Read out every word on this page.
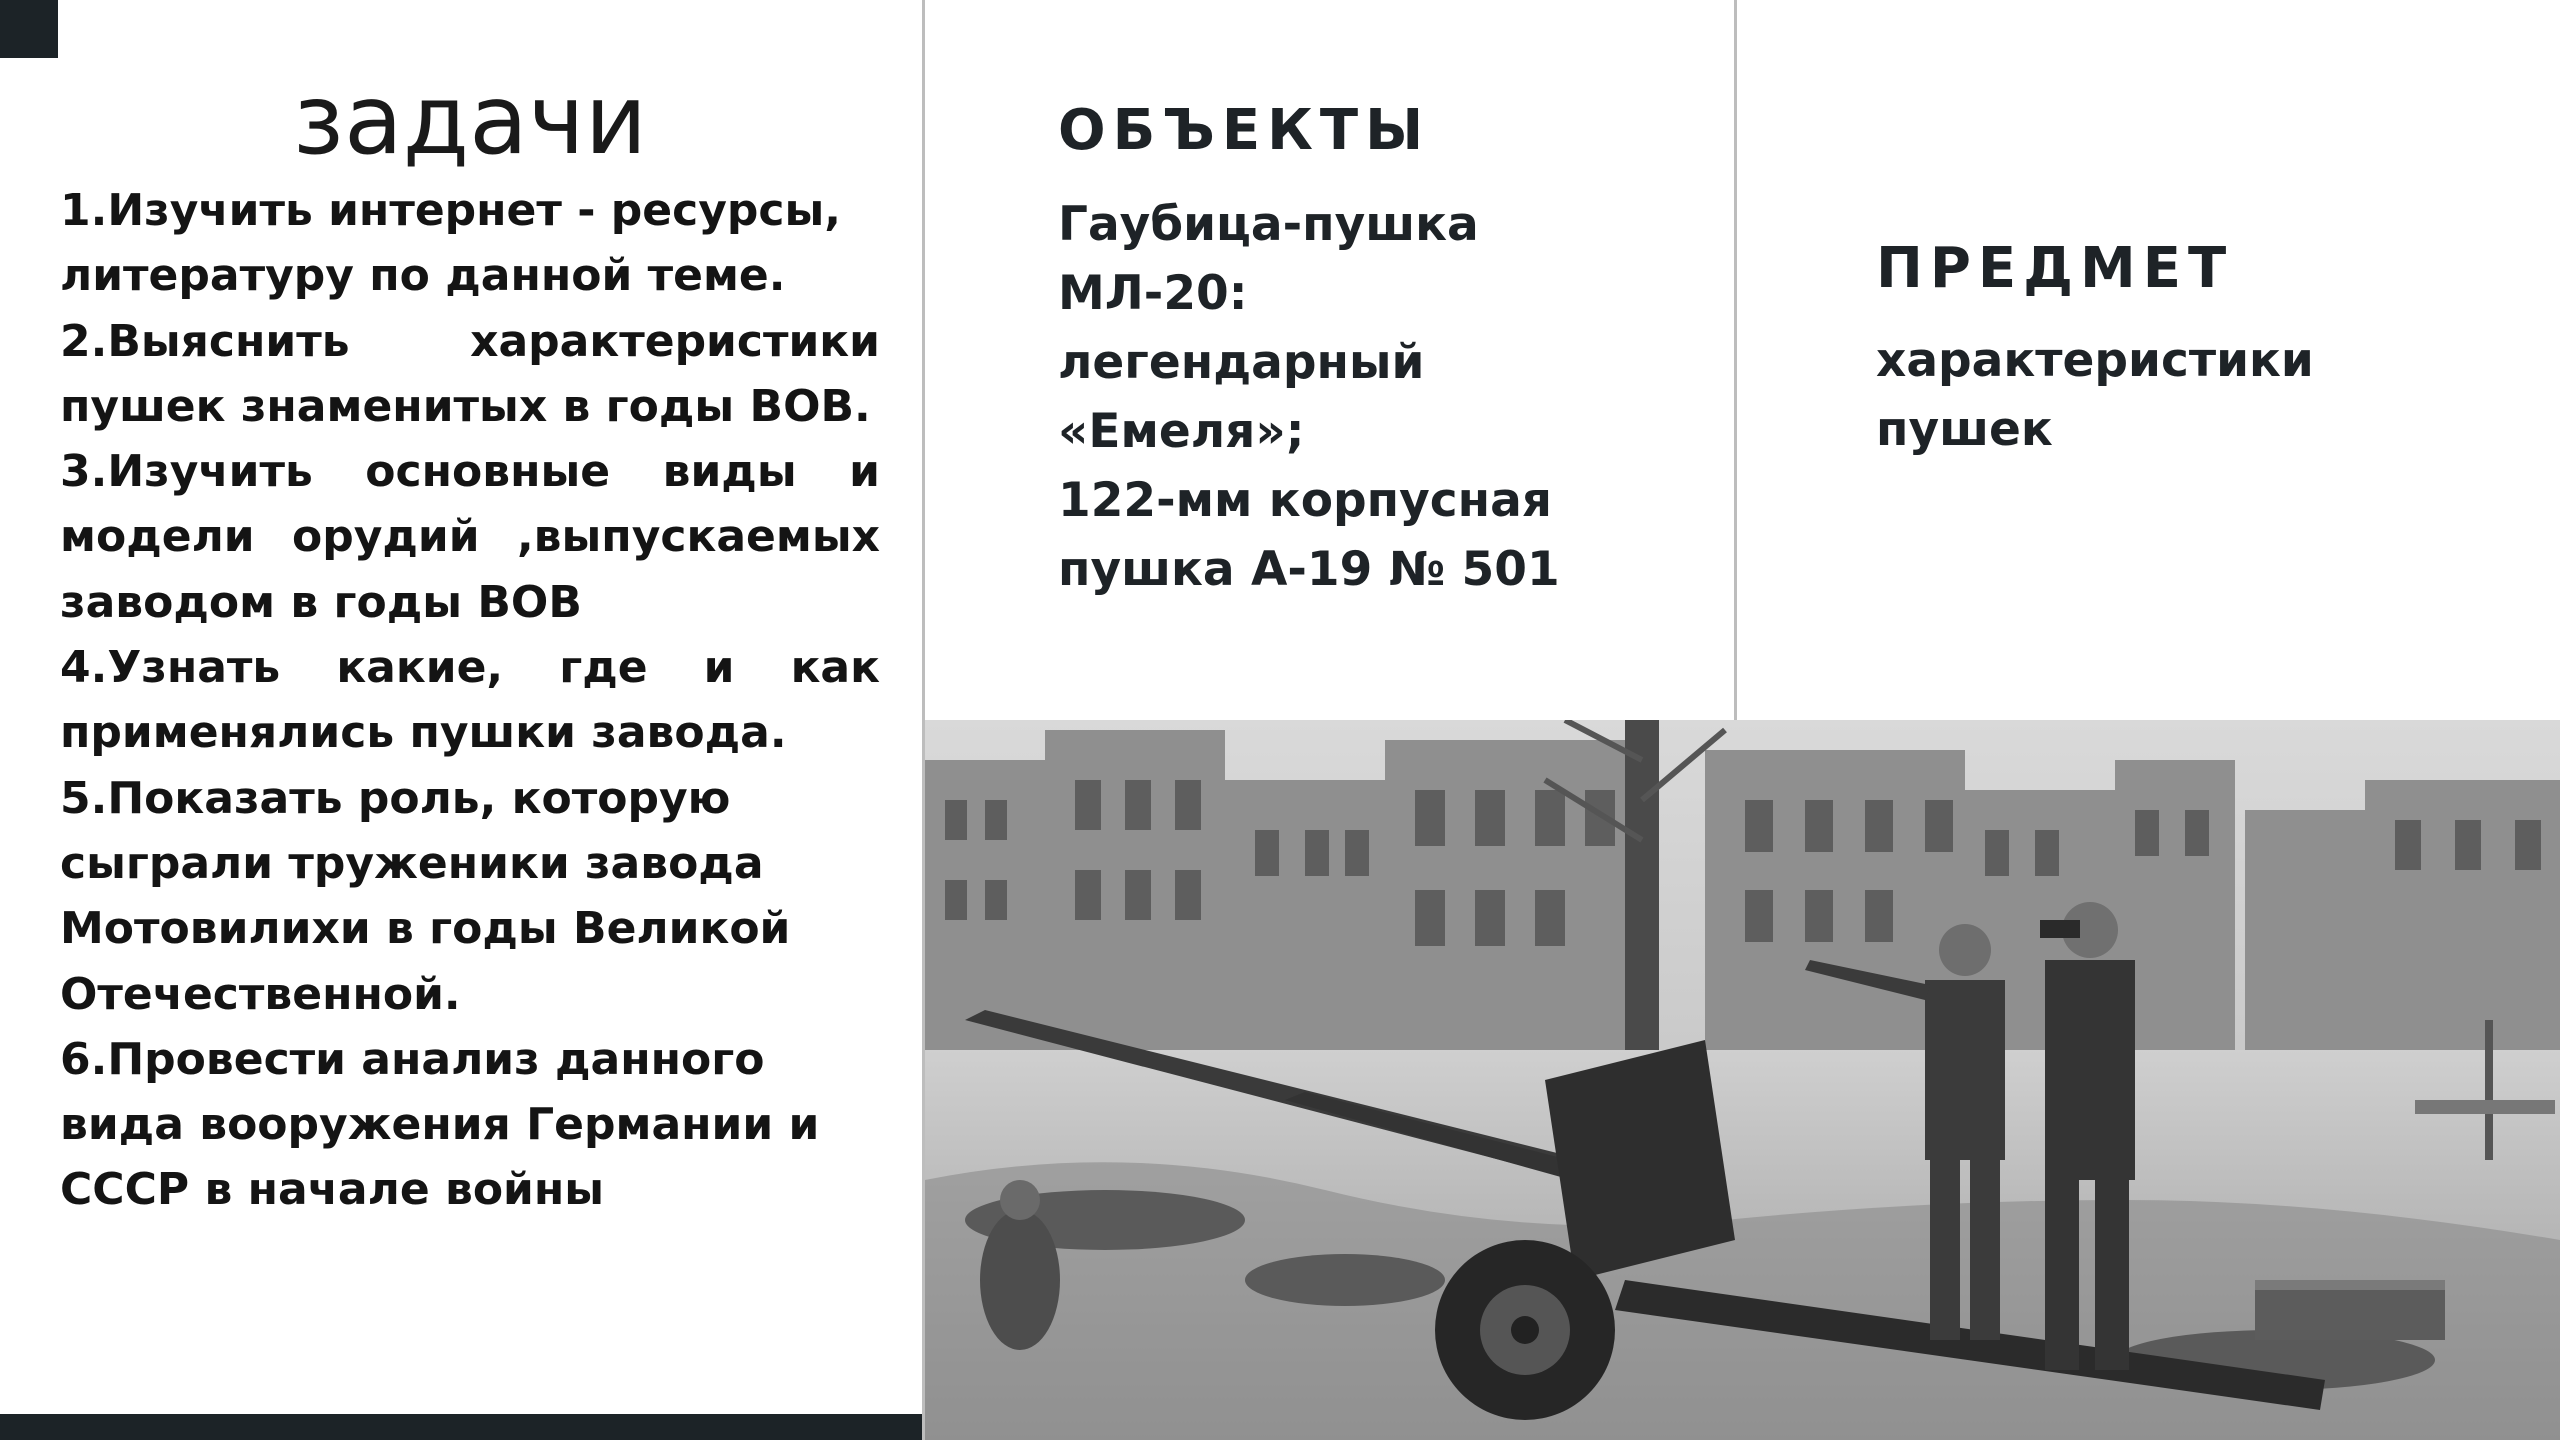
задачи
1.Изучить интернет - ресурсы, литературу по данной теме.
2.Выяснить характеристики пушек знаменитых в годы ВОВ.
3.Изучить основные виды и модели орудий ,выпускаемых заводом в годы ВОВ
4.Узнать какие, где и как применялись пушки завода.
5.Показать роль, которую сыграли труженики завода Мотовилихи в годы Великой Отечественной.
6.Провести анализ данного вида вооружения Германии и СССР в начале войны
ОБЪЕКТЫ
Гаубица-пушка
МЛ-20:
легендарный
«Емеля»;
122-мм корпусная
пушка А-19 № 501
ПРЕДМЕТ
характеристики
пушек
